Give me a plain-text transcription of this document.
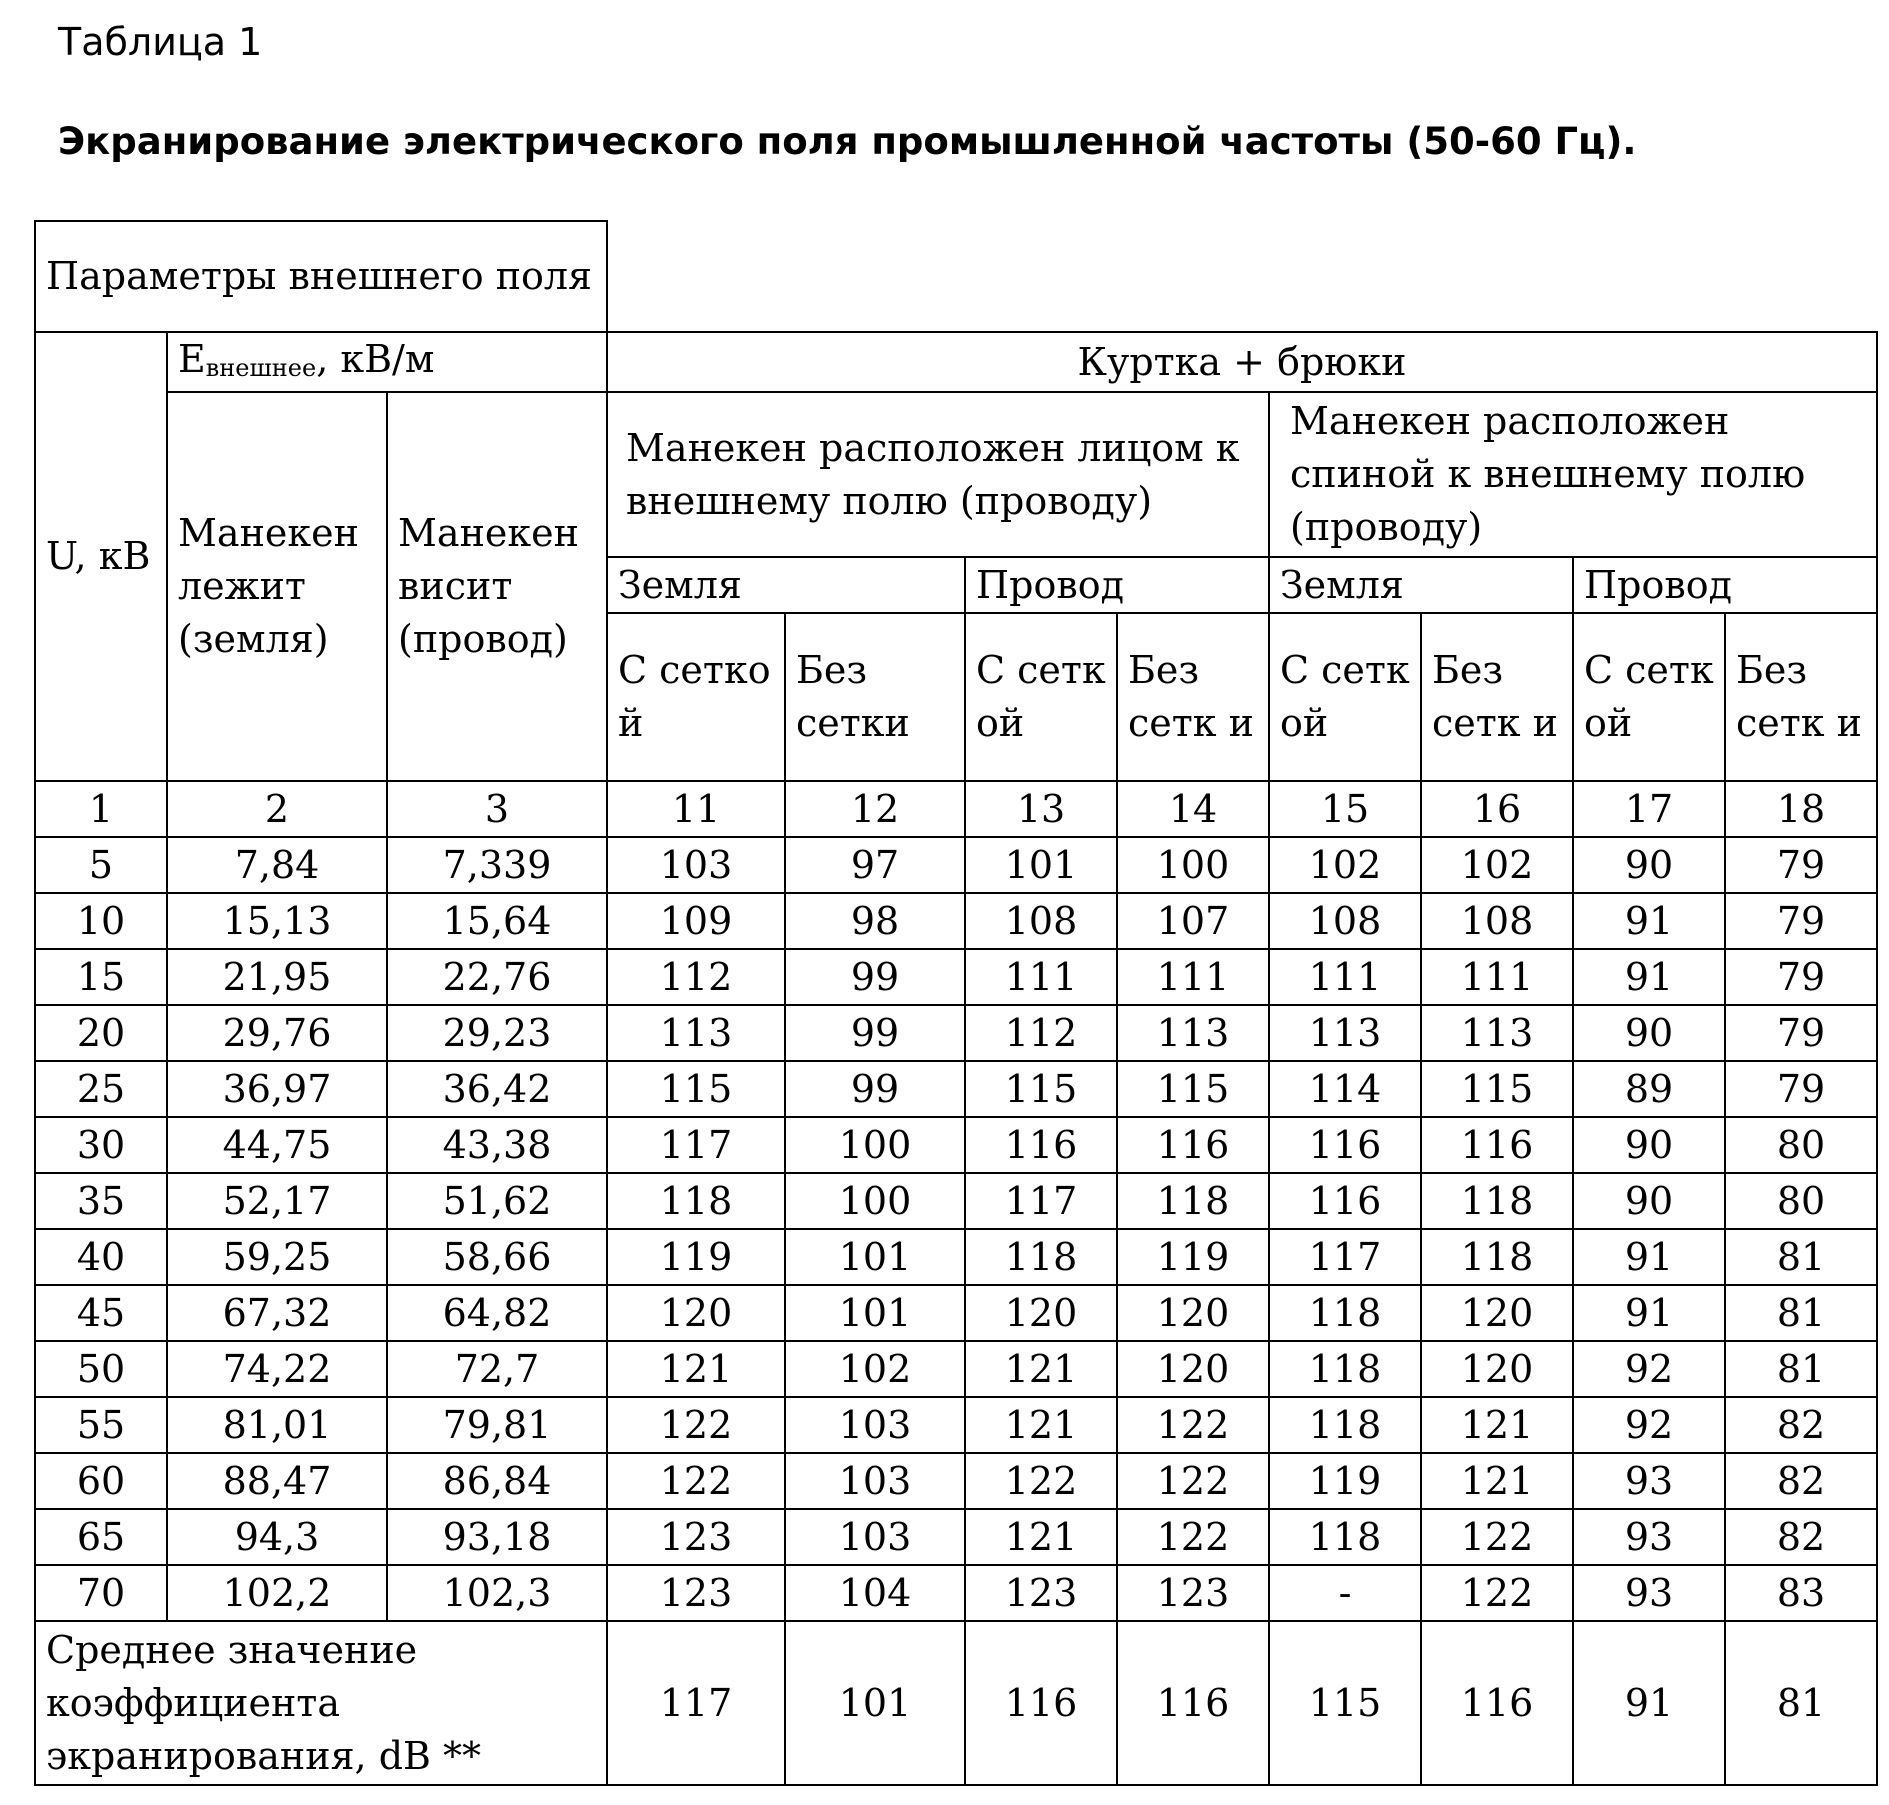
Таблица 1
Экранирование электрического поля промышленной частоты (50-60 Гц).
Параметры внешнего поля										
U, кВ	$E_{внешнее}$, кВ/м		Куртка + брюки							
	Манекен лежит (земля)	Манекен висит (провод)	Манекен расположен лицом к внешнему полю (проводу)				Манекен расположен спиной к внешнему полю (проводу)			
			Земля		Провод		Земля		Провод	
			С сетко й	Без сетки	С сетк ой	Без сетк и	С сетк ой	Без сетк и	С сетк ой	Без сетк и

1	2	3	11	12	13	14	15	16	17	18
5	7,84	7,339	103	97	101	100	102	102	90	79
10	15,13	15,64	109	98	108	107	108	108	91	79
15	21,95	22,76	112	99	111	111	111	111	91	79
20	29,76	29,23	113	99	112	113	113	113	90	79
25	36,97	36,42	115	99	115	115	114	115	89	79
30	44,75	43,38	117	100	116	116	116	116	90	80
35	52,17	51,62	118	100	117	118	116	118	90	80
40	59,25	58,66	119	101	118	119	117	118	91	81
45	67,32	64,82	120	101	120	120	118	120	91	81
50	74,22	72,7	121	102	121	120	118	120	92	81
55	81,01	79,81	122	103	121	122	118	121	92	82
60	88,47	86,84	122	103	122	122	119	121	93	82
65	94,3	93,18	123	103	121	122	118	122	93	82
70	102,2	102,3	123	104	123	123	-	122	93	83
Среднее значение коэффициента экранирования, dB **			117	101	116	116	115	116	91	81
